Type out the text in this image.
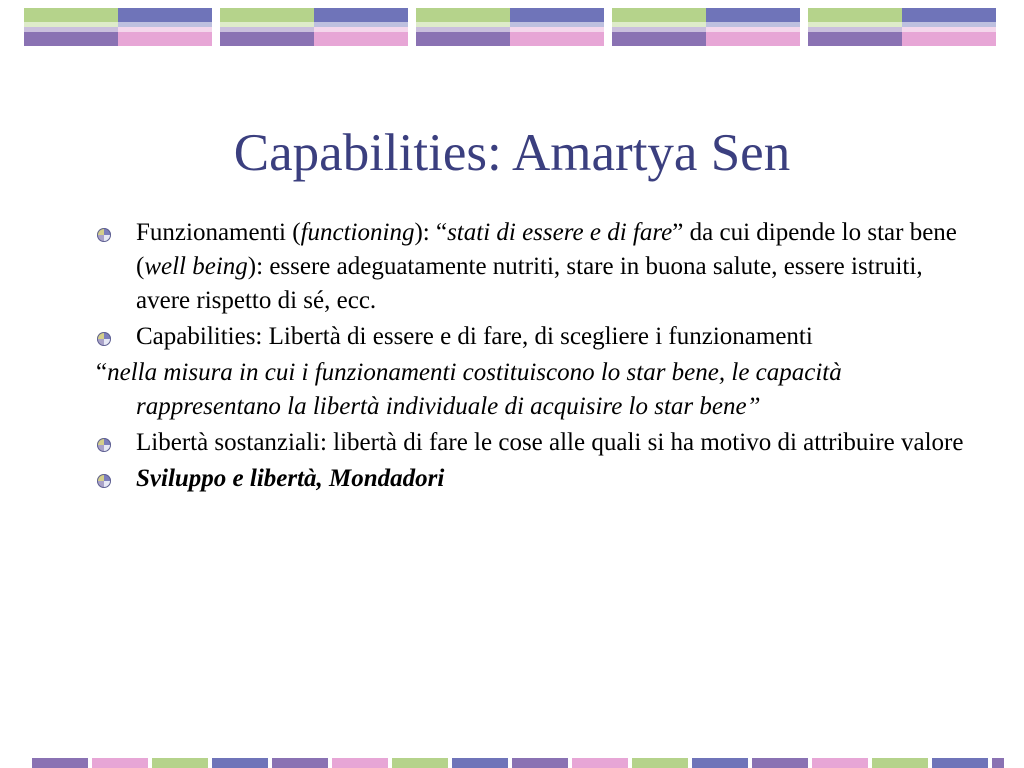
Capabilities: Amartya Sen
Funzionamenti (functioning): “stati di essere e di fare” da cui dipende lo star bene (well being): essere adeguatamente nutriti, stare in buona salute, essere istruiti, avere rispetto di sé, ecc.
Capabilities: Libertà di essere e di fare, di scegliere i funzionamenti
“nella misura in cui i funzionamenti costituiscono lo star bene, le capacità rappresentano la libertà individuale di acquisire lo star bene”
Libertà sostanziali: libertà di fare le cose alle quali si ha motivo di attribuire valore
Sviluppo e libertà, Mondadori
